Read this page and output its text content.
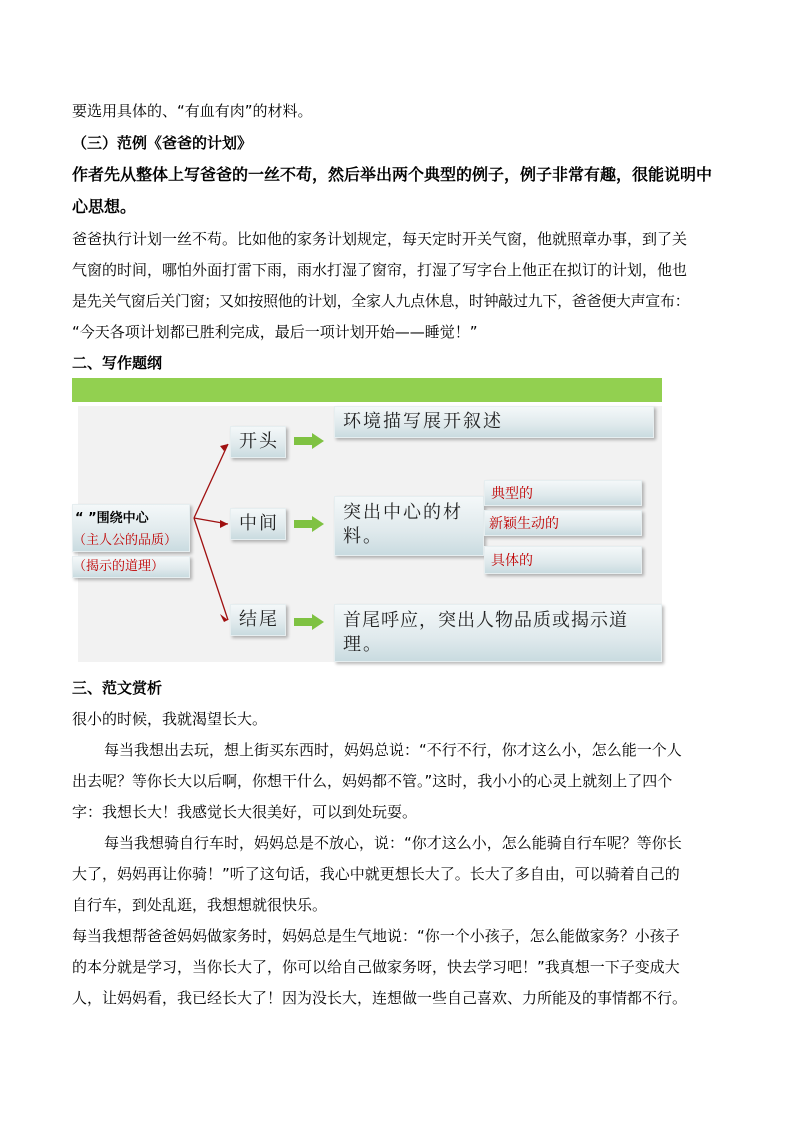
要选用具体的、“有血有肉”的材料。
（三）范例《爸爸的计划》
作者先从整体上写爸爸的一丝不苟，然后举出两个典型的例子，例子非常有趣，很能说明中
心思想。
爸爸执行计划一丝不苟。比如他的家务计划规定，每天定时开关气窗，他就照章办事，到了关
气窗的时间，哪怕外面打雷下雨，雨水打湿了窗帘，打湿了写字台上他正在拟订的计划，他也
是先关气窗后关门窗；又如按照他的计划，全家人九点休息，时钟敲过九下，爸爸便大声宣布：
“今天各项计划都已胜利完成，最后一项计划开始——睡觉！”
二、写作题纲
“ ”围绕中心
（主人公的品质）
（揭示的道理）
开头
环境描写展开叙述
中间
突出中心的材
料。
典型的
新颖生动的
具体的
结尾	首尾呼应，突出人物品质或揭示道
理。
三、范文赏析
很小的时候，我就渴望长大。
每当我想出去玩，想上街买东西时，妈妈总说：“不行不行，你才这么小，怎么能一个人
出去呢？等你长大以后啊，你想干什么，妈妈都不管。”这时，我小小的心灵上就刻上了四个
字：我想长大！我感觉长大很美好，可以到处玩耍。
每当我想骑自行车时，妈妈总是不放心，说：“你才这么小，怎么能骑自行车呢？等你长
大了，妈妈再让你骑！”听了这句话，我心中就更想长大了。长大了多自由，可以骑着自己的
自行车，到处乱逛，我想想就很快乐。
每当我想帮爸爸妈妈做家务时，妈妈总是生气地说：“你一个小孩子，怎么能做家务？小孩子
的本分就是学习，当你长大了，你可以给自己做家务呀，快去学习吧！”我真想一下子变成大
人，让妈妈看，我已经长大了！因为没长大，连想做一些自己喜欢、力所能及的事情都不行。
